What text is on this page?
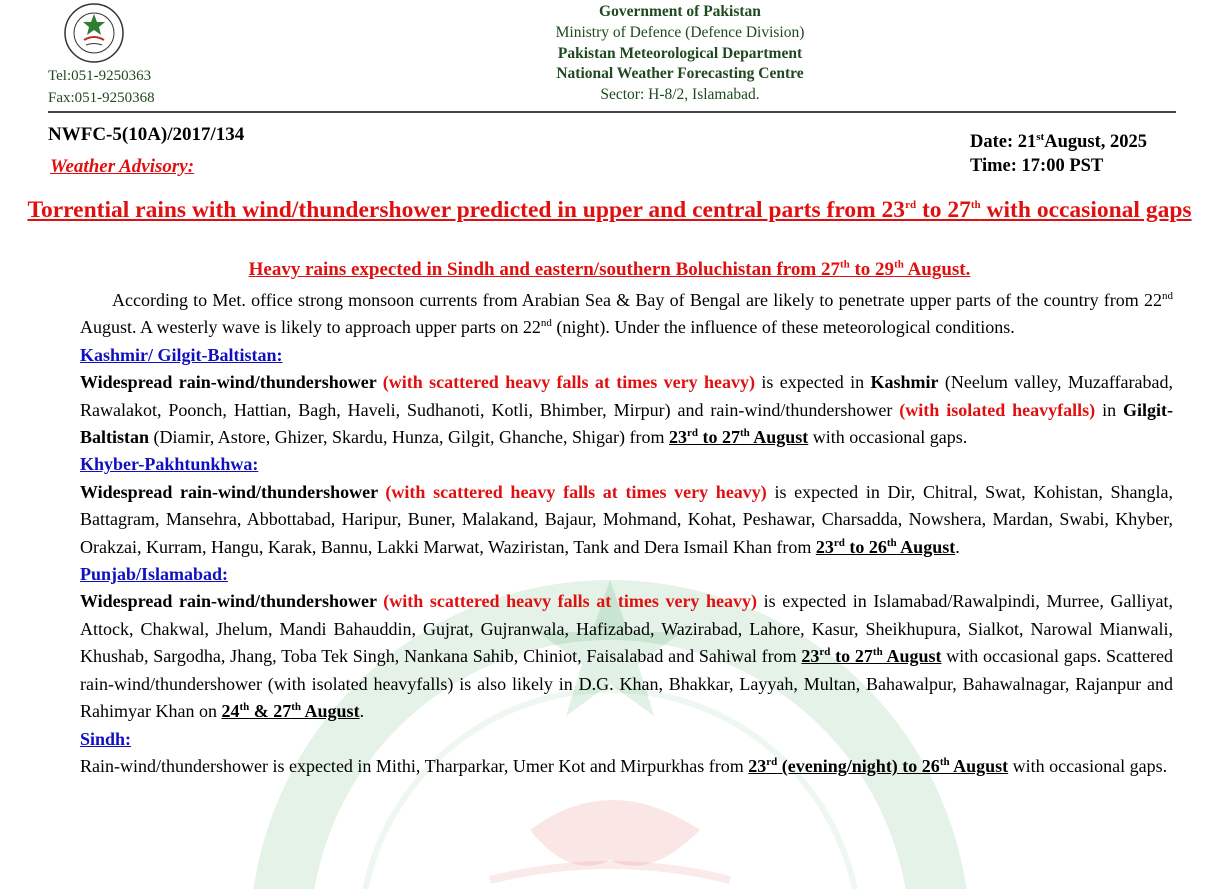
Tel:051-9250363
Fax:051-9250368
Government of Pakistan
Ministry of Defence (Defence Division)
Pakistan Meteorological Department
National Weather Forecasting Centre
Sector: H-8/2, Islamabad.
NWFC-5(10A)/2017/134
Weather Advisory:
Date: 21stAugust, 2025
Time: 17:00 PST
Torrential rains with wind/thundershower predicted in upper and central parts from 23rd to 27th with occasional gaps
Heavy rains expected in Sindh and eastern/southern Boluchistan from 27th to 29th August.

According to Met. office strong monsoon currents from Arabian Sea & Bay of Bengal are likely to penetrate upper parts of the country from 22nd August. A westerly wave is likely to approach upper parts on 22nd (night). Under the influence of these meteorological conditions.

Kashmir/ Gilgit-Baltistan:

Widespread rain-wind/thundershower (with scattered heavy falls at times very heavy) is expected in Kashmir (Neelum valley, Muzaffarabad, Rawalakot, Poonch, Hattian, Bagh, Haveli, Sudhanoti, Kotli, Bhimber, Mirpur) and rain-wind/thundershower (with isolated heavyfalls) in Gilgit-Baltistan (Diamir, Astore, Ghizer, Skardu, Hunza, Gilgit, Ghanche, Shigar) from 23rd to 27th August with occasional gaps.

Khyber-Pakhtunkhwa:

Widespread rain-wind/thundershower (with scattered heavy falls at times very heavy) is expected in Dir, Chitral, Swat, Kohistan, Shangla, Battagram, Mansehra, Abbottabad, Haripur, Buner, Malakand, Bajaur, Mohmand, Kohat, Peshawar, Charsadda, Nowshera, Mardan, Swabi, Khyber, Orakzai, Kurram, Hangu, Karak, Bannu, Lakki Marwat, Waziristan, Tank and Dera Ismail Khan from 23rd to 26th August.

Punjab/Islamabad:

Widespread rain-wind/thundershower (with scattered heavy falls at times very heavy) is expected in Islamabad/Rawalpindi, Murree, Galliyat, Attock, Chakwal, Jhelum, Mandi Bahauddin, Gujrat, Gujranwala, Hafizabad, Wazirabad, Lahore, Kasur, Sheikhupura, Sialkot, Narowal Mianwali, Khushab, Sargodha, Jhang, Toba Tek Singh, Nankana Sahib, Chiniot, Faisalabad and Sahiwal from 23rd to 27th August with occasional gaps. Scattered rain-wind/thundershower (with isolated heavyfalls) is also likely in D.G. Khan, Bhakkar, Layyah, Multan, Bahawalpur, Bahawalnagar, Rajanpur and Rahimyar Khan on 24th & 27th August.

Sindh:

Rain-wind/thundershower is expected in Mithi, Tharparkar, Umer Kot and Mirpurkhas from 23rd (evening/night) to 26th August with occasional gaps.
